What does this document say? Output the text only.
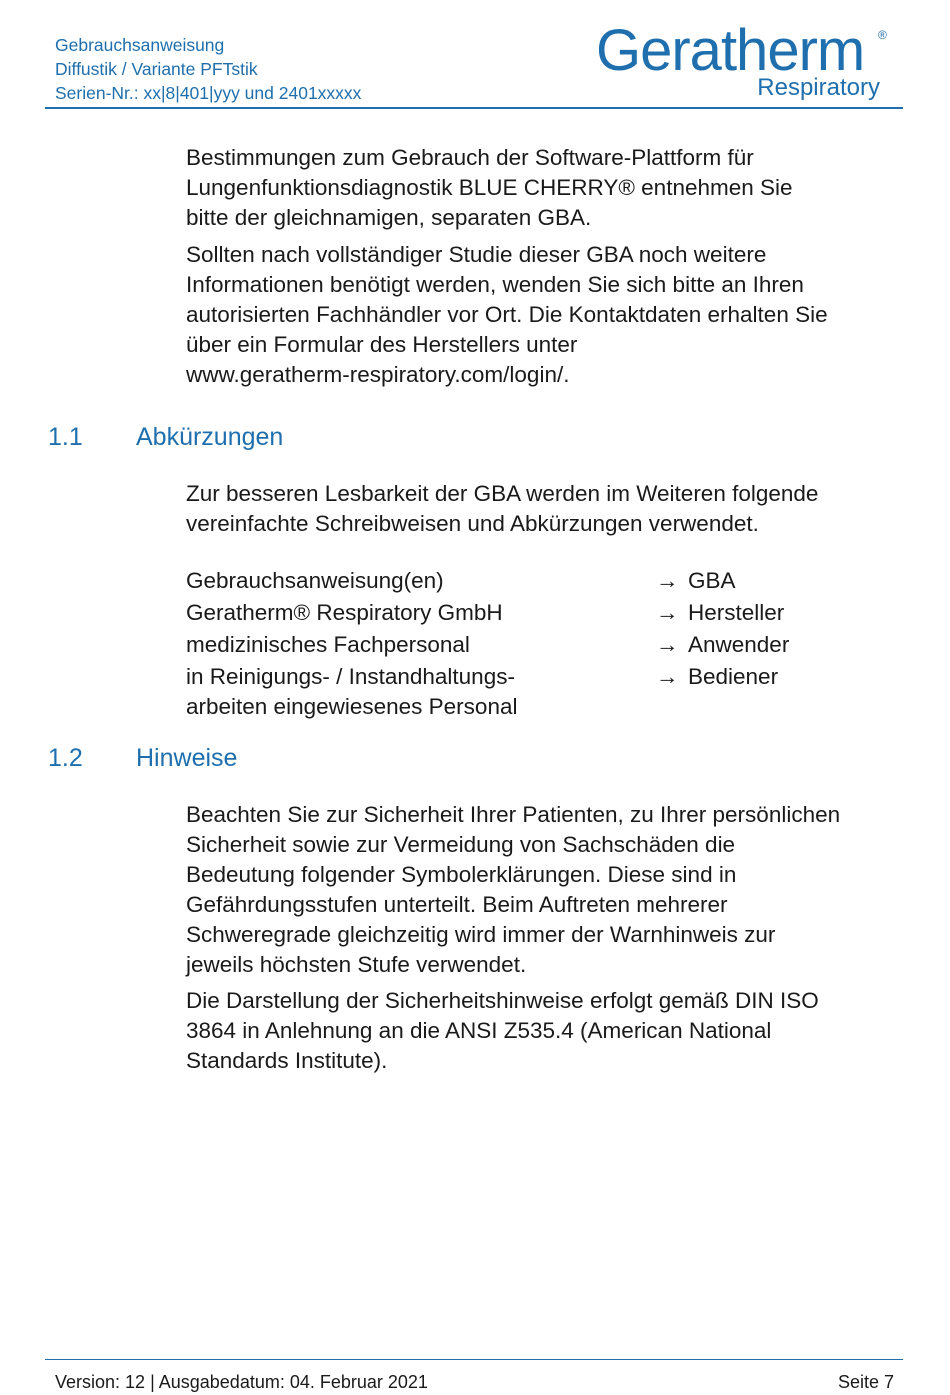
Gebrauchsanweisung
Diffustik / Variante PFTstik
Serien-Nr.: xx|8|401|yyy und 2401xxxxx
Geratherm ®
Respiratory

Bestimmungen zum Gebrauch der Software-Plattform für
Lungenfunktionsdiagnostik BLUE CHERRY® entnehmen Sie
bitte der gleichnamigen, separaten GBA.

Sollten nach vollständiger Studie dieser GBA noch weitere
Informationen benötigt werden, wenden Sie sich bitte an Ihren
autorisierten Fachhändler vor Ort. Die Kontaktdaten erhalten Sie
über ein Formular des Herstellers unter
www.geratherm-respiratory.com/login/.

1.1 Abkürzungen

Zur besseren Lesbarkeit der GBA werden im Weiteren folgende
vereinfachte Schreibweisen und Abkürzungen verwendet.

Gebrauchsanweisung(en)	→ GBA
Geratherm® Respiratory GmbH	→ Hersteller
medizinisches Fachpersonal	→ Anwender
in Reinigungs- / Instandhaltungs-
arbeiten eingewiesenes Personal
→ Bediener
1.2 Hinweise

Beachten Sie zur Sicherheit Ihrer Patienten, zu Ihrer persönlichen
Sicherheit sowie zur Vermeidung von Sachschäden die
Bedeutung folgender Symbolerklärungen. Diese sind in
Gefährdungsstufen unterteilt. Beim Auftreten mehrerer
Schweregrade gleichzeitig wird immer der Warnhinweis zur
jeweils höchsten Stufe verwendet.

Die Darstellung der Sicherheitshinweise erfolgt gemäß DIN ISO
3864 in Anlehnung an die ANSI Z535.4 (American National
Standards Institute).

Version: 12 | Ausgabedatum: 04. Februar 2021	Seite 7
